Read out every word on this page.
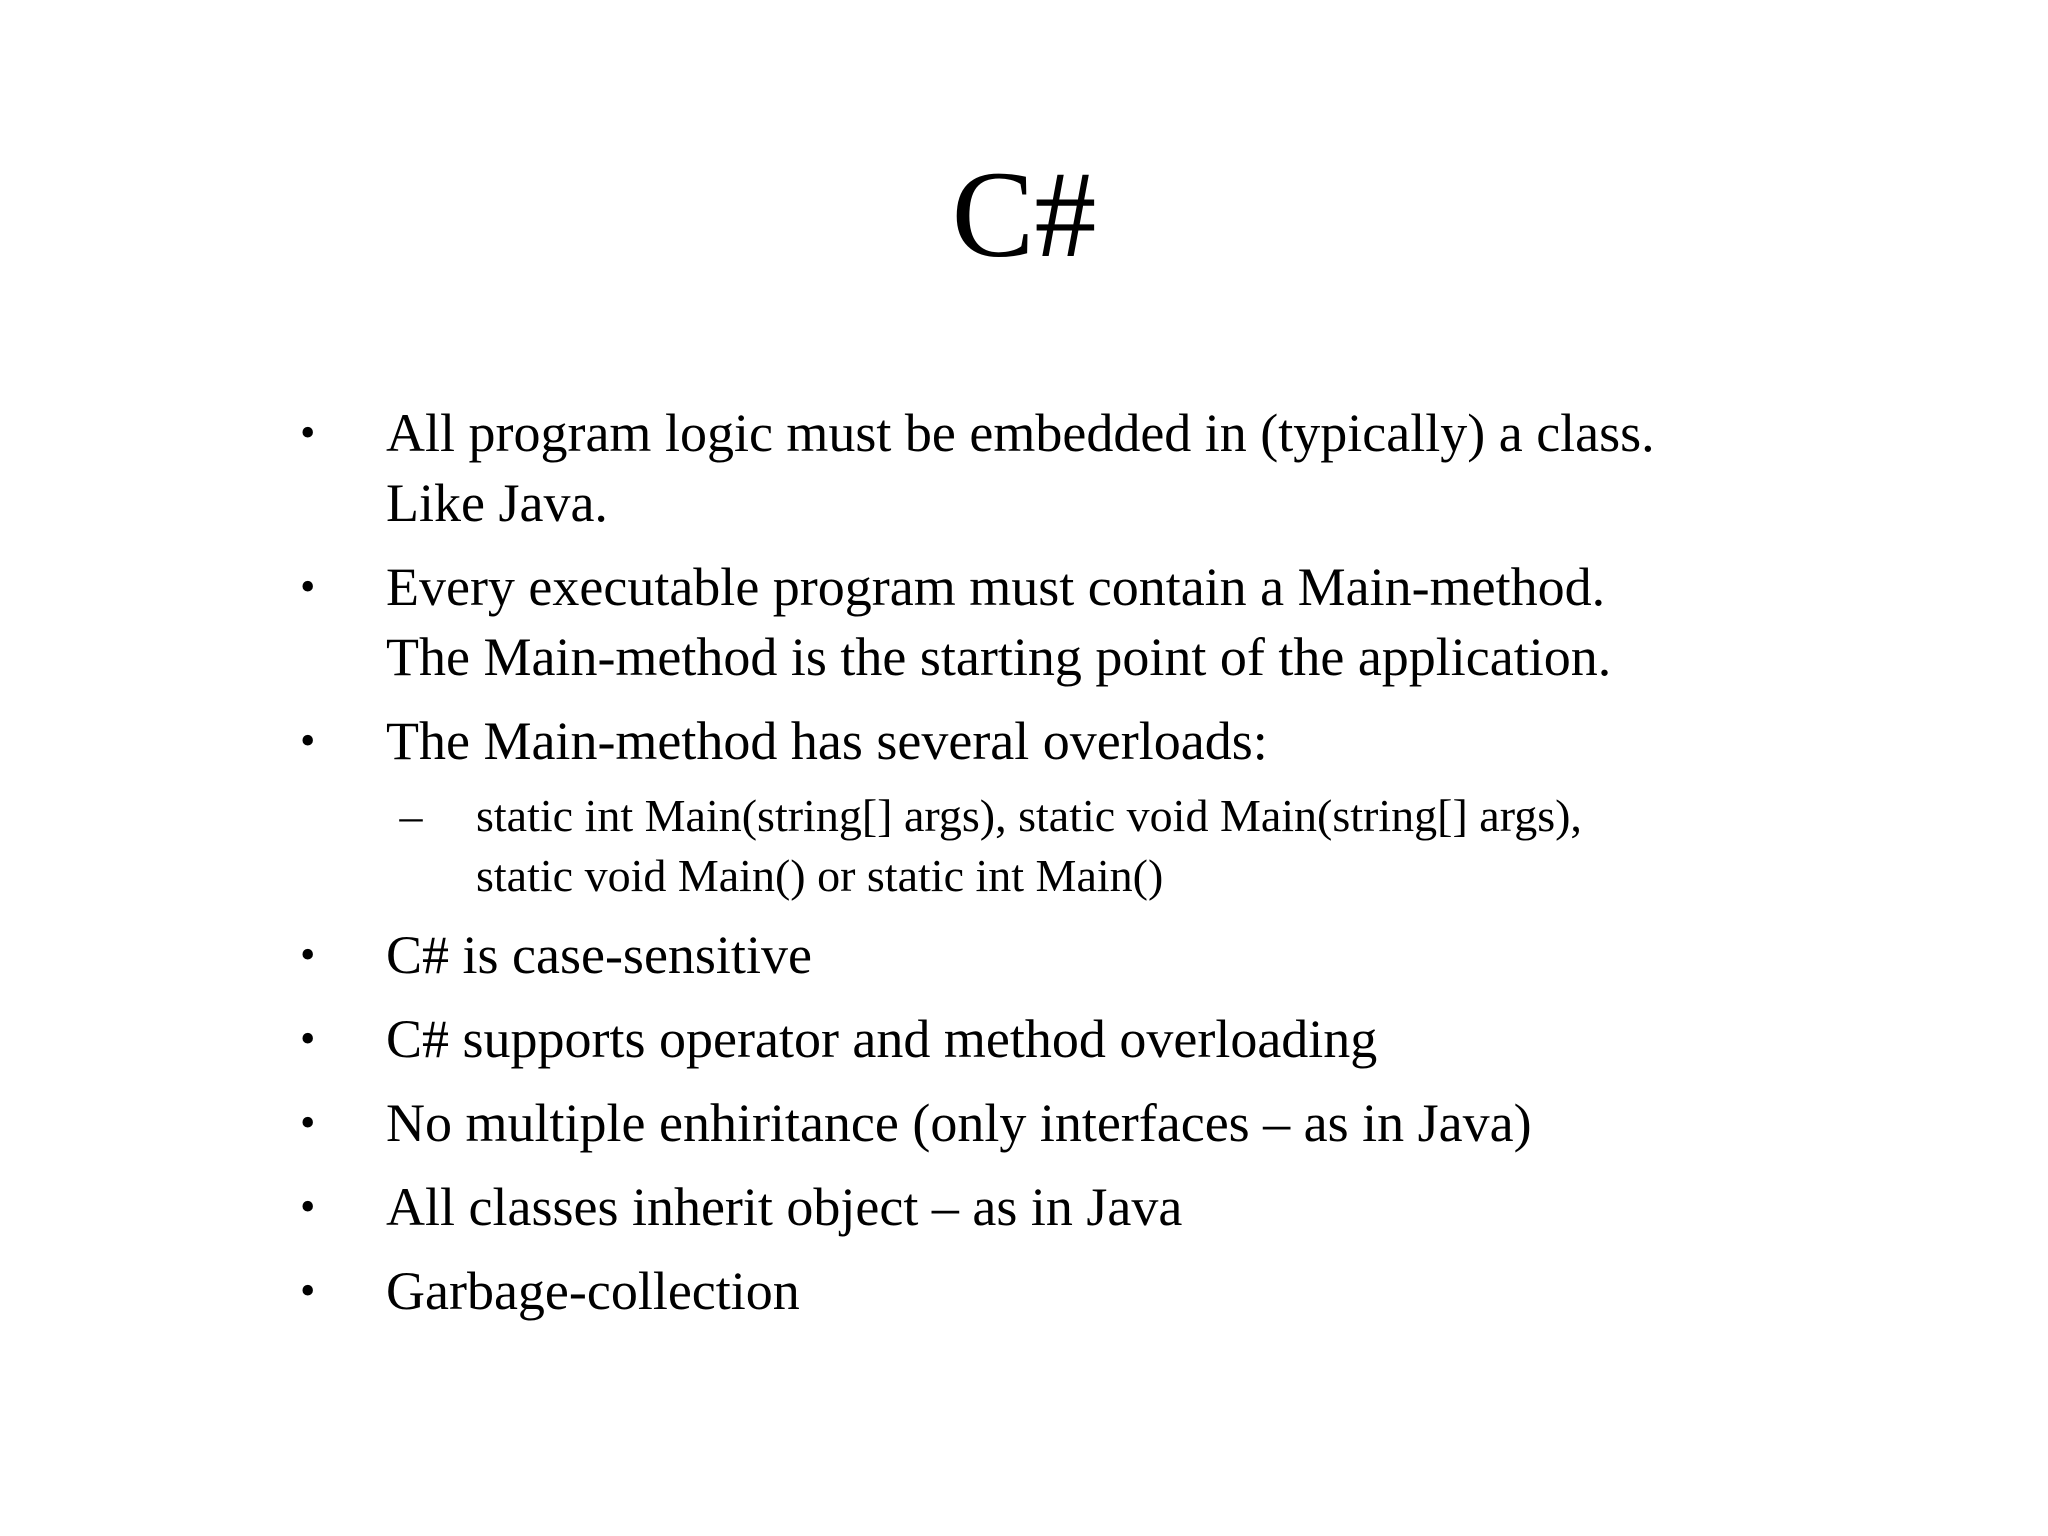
C#
• All program logic must be embedded in (typically) a class.
Like Java.
• Every executable program must contain a Main-method.
The Main-method is the starting point of the application.
• The Main-method has several overloads:
– static int Main(string[] args), static void Main(string[] args),
static void Main() or static int Main()
• C# is case-sensitive
• C# supports operator and method overloading
• No multiple enhiritance (only interfaces – as in Java)
• All classes inherit object – as in Java
• Garbage-collection
